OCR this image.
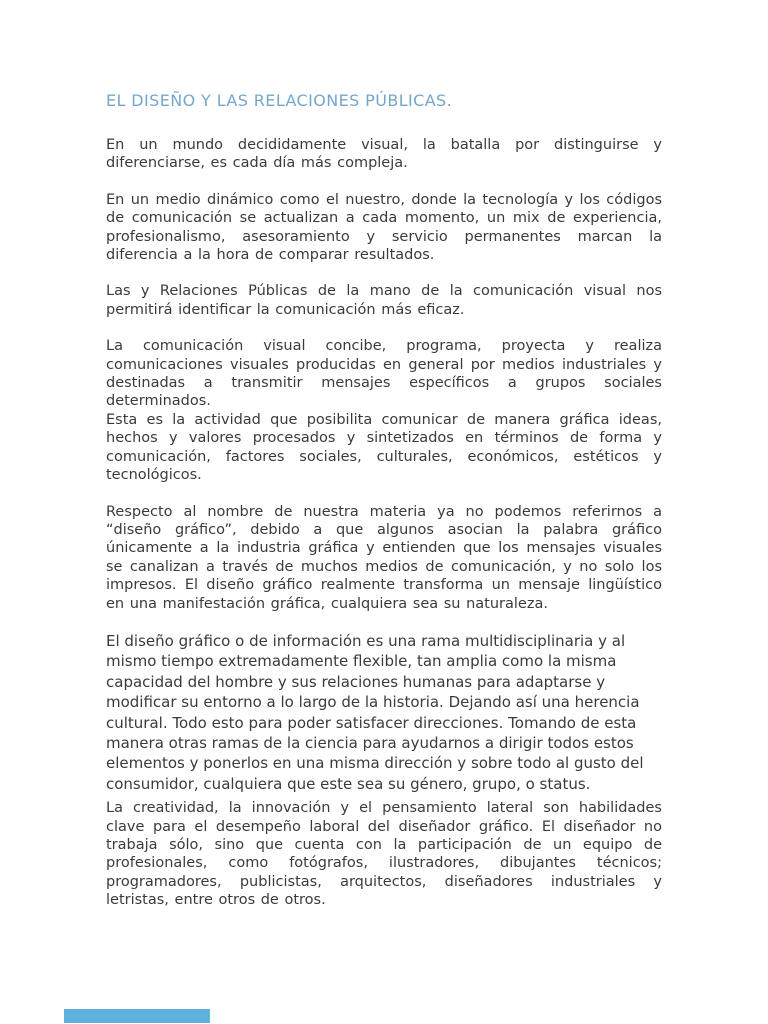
EL DISEÑO Y LAS RELACIONES PÚBLICAS.

En un mundo decididamente visual, la batalla por distinguirse y diferenciarse, es cada día más compleja.

En un medio dinámico como el nuestro, donde la tecnología y los códigos de comunicación se actualizan a cada momento, un mix de experiencia, profesionalismo, asesoramiento y servicio permanentes marcan la diferencia a la hora de comparar resultados.

Las y Relaciones Públicas de la mano de la comunicación visual nos permitirá identificar la comunicación más eficaz.

La comunicación visual concibe, programa, proyecta y realiza comunicaciones visuales producidas en general por medios industriales y destinadas a transmitir mensajes específicos a grupos sociales determinados.

Esta es la actividad que posibilita comunicar de manera gráfica ideas, hechos y valores procesados y sintetizados en términos de forma y comunicación, factores sociales, culturales, económicos, estéticos y tecnológicos.

Respecto al nombre de nuestra materia ya no podemos referirnos a “diseño gráfico”, debido a que algunos asocian la palabra gráfico únicamente a la industria gráfica y entienden que los mensajes visuales se canalizan a través de muchos medios de comunicación, y no solo los impresos. El diseño gráfico realmente transforma un mensaje lingüístico en una manifestación gráfica, cualquiera sea su naturaleza.

El diseño gráfico o de información es una rama multidisciplinaria y al mismo tiempo extremadamente flexible, tan amplia como la misma capacidad del hombre y sus relaciones humanas para adaptarse y modificar su entorno a lo largo de la historia. Dejando así una herencia cultural. Todo esto para poder satisfacer direcciones. Tomando de esta manera otras ramas de la ciencia para ayudarnos a dirigir todos estos elementos y ponerlos en una misma dirección y sobre todo al gusto del consumidor, cualquiera que este sea su género, grupo, o status.

La creatividad, la innovación y el pensamiento lateral son habilidades clave para el desempeño laboral del diseñador gráfico. El diseñador no trabaja sólo, sino que cuenta con la participación de un equipo de profesionales, como fotógrafos, ilustradores, dibujantes técnicos; programadores, publicistas, arquitectos, diseñadores industriales y letristas, entre otros de otros.
